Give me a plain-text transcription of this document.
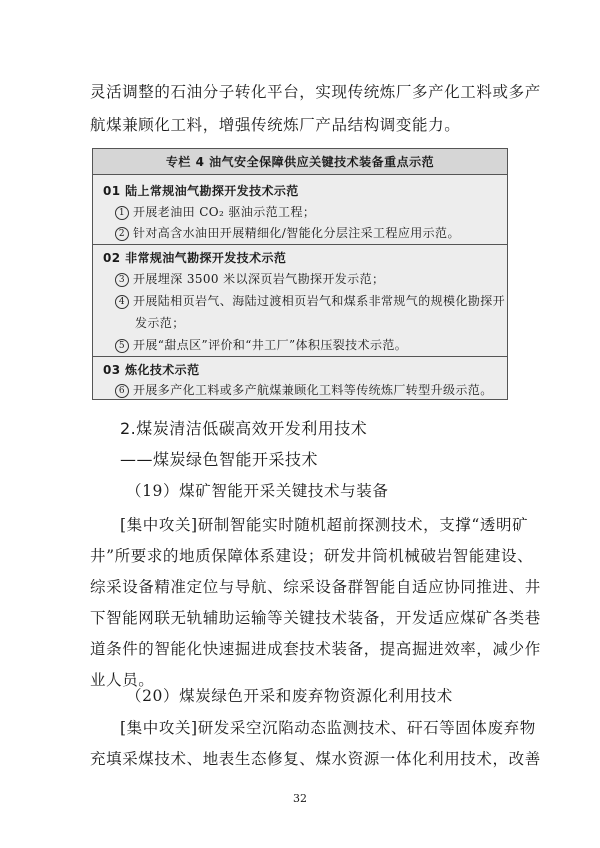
灵活调整的石油分子转化平台，实现传统炼厂多产化工料或多产
航煤兼顾化工料，增强传统炼厂产品结构调变能力。
专栏 4 油气安全保障供应关键技术装备重点示范
01 陆上常规油气勘探开发技术示范
1 开展老油田 CO₂ 驱油示范工程；
2 针对高含水油田开展精细化/智能化分层注采工程应用示范。
02 非常规油气勘探开发技术示范
3 开展埋深 3500 米以深页岩气勘探开发示范；
4 开展陆相页岩气、海陆过渡相页岩气和煤系非常规气的规模化勘探开
发示范；
5 开展“甜点区”评价和“井工厂”体积压裂技术示范。
03 炼化技术示范
6 开展多产化工料或多产航煤兼顾化工料等传统炼厂转型升级示范。
2.煤炭清洁低碳高效开发利用技术
——煤炭绿色智能开采技术
（19）煤矿智能开采关键技术与装备
[集中攻关]研制智能实时随机超前探测技术，支撑“透明矿
井”所要求的地质保障体系建设；研发井筒机械破岩智能建设、
综采设备精准定位与导航、综采设备群智能自适应协同推进、井
下智能网联无轨辅助运输等关键技术装备，开发适应煤矿各类巷
道条件的智能化快速掘进成套技术装备，提高掘进效率，减少作
业人员。
（20）煤炭绿色开采和废弃物资源化利用技术
[集中攻关]研发采空沉陷动态监测技术、矸石等固体废弃物
充填采煤技术、地表生态修复、煤水资源一体化利用技术，改善
32
